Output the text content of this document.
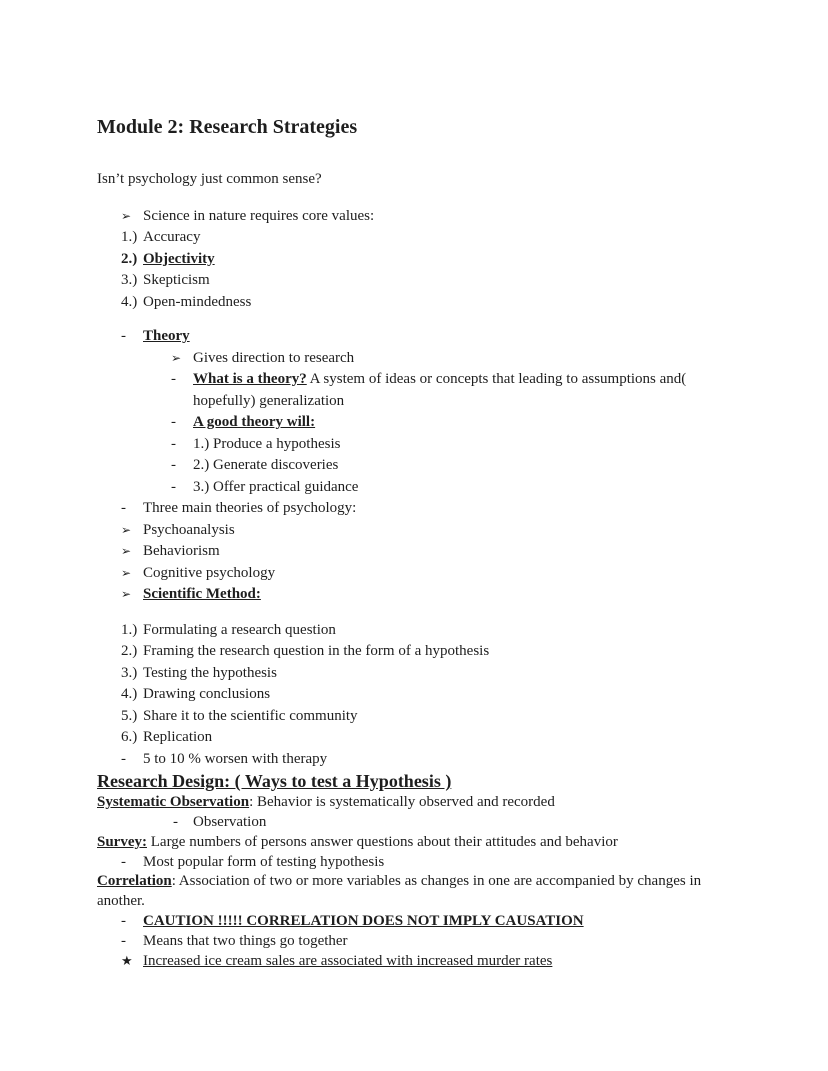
Module 2: Research Strategies
Isn’t psychology just common sense?
➢ Science in nature requires core values:
1.) Accuracy
2.) Objectivity
3.) Skepticism
4.) Open-mindedness
- Theory
➢ Gives direction to research
- What is a theory? A system of ideas or concepts that leading to assumptions and(
hopefully) generalization
- A good theory will:
- 1.) Produce a hypothesis
- 2.) Generate discoveries
- 3.) Offer practical guidance
- Three main theories of psychology:
➢ Psychoanalysis
➢ Behaviorism
➢ Cognitive psychology
➢ Scientific Method:
1.) Formulating a research question
2.) Framing the research question in the form of a hypothesis
3.) Testing the hypothesis
4.) Drawing conclusions
5.) Share it to the scientific community
6.) Replication
- 5 to 10 % worsen with therapy
Research Design: ( Ways to test a Hypothesis )
Systematic Observation: Behavior is systematically observed and recorded
- Observation
Survey: Large numbers of persons answer questions about their attitudes and behavior
- Most popular form of testing hypothesis
Correlation: Association of two or more variables as changes in one are accompanied by changes in
another.
- CAUTION !!!!! CORRELATION DOES NOT IMPLY CAUSATION
- Means that two things go together
★ Increased ice cream sales are associated with increased murder rates
